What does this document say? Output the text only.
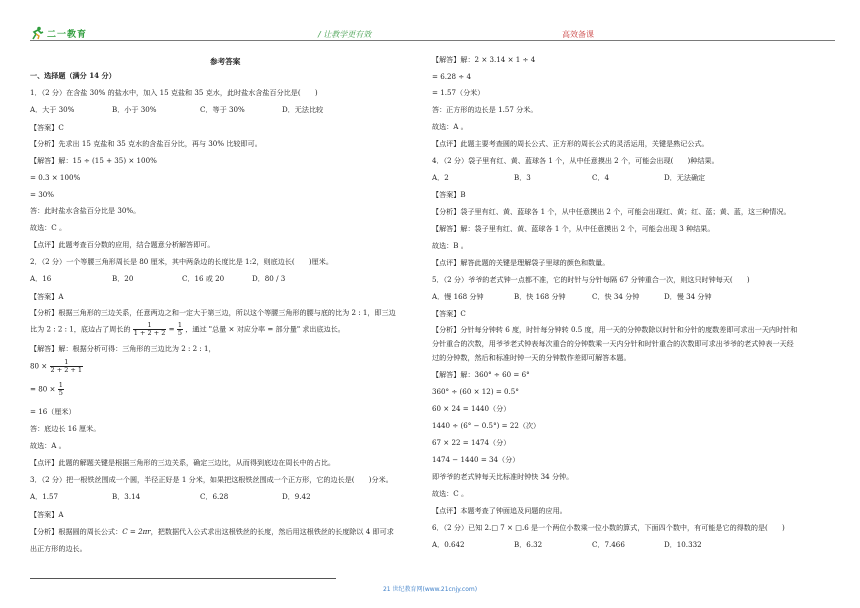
二一教育	/ 让教学更有效	高效备课

参考答案

一、选择题（满分 14 分）

1．（2 分）在含盐 30% 的盐水中，加入 15 克盐和 35 克水，此时盐水含盐百分比是(　　)

A．大于 30%	B．小于 30%	C．等于 30%	D．无法比较

【答案】C

【分析】先求出 15 克盐和 35 克水的含盐百分比，再与 30% 比较即可。

【解答】解：15 ÷ (15 + 35) × 100%

= 0.3 × 100%

= 30%

答：此时盐水含盐百分比是 30%。

故选：C 。

【点评】此题考查百分数的应用，结合题意分析解答即可。

2．（2 分）一个等腰三角形周长是 80 厘米，其中两条边的长度比是 1:2，则底边长(　　)厘米。

A．16	B．20	C．16 或 20	D．80 / 3

【答案】A

【分析】根据三角形的三边关系，任意两边之和一定大于第三边，所以这个等腰三角形的腰与底的比为 2 : 1，即三边

比为 2 : 2 : 1，底边占了周长的 $\frac{1}{1 + 2 + 2} = \frac{1}{5}$ ，通过 "总量 × 对应分率 = 部分量" 求出底边长。

【解答】解：根据分析可得：三角形的三边比为 2 : 2 : 1，

$80 \times \frac{1}{2 + 2 + 1}$

= $80 \times \frac{1}{5}$

= 16（厘米）

答：底边长 16 厘米。

故选：A 。

【点评】此题的解题关键是根据三角形的三边关系，确定三边比，从而得到底边在周长中的占比。

3．（2 分）把一根铁丝围成一个圆，半径正好是 1 分米，如果把这根铁丝围成一个正方形，它的边长是(　　)分米。

A．1.57	B．3.14	C．6.28	D．9.42

【答案】A

【分析】根据圆的周长公式：C = 2πr，把数据代入公式求出这根铁丝的长度，然后用这根铁丝的长度除以 4 即可求

出正方形的边长。

【解答】解：2 × 3.14 × 1 ÷ 4

= 6.28 ÷ 4

= 1.57（分米）

答：正方形的边长是 1.57 分米。

故选：A 。

【点评】此题主要考查圆的周长公式、正方形的周长公式的灵活运用，关键是熟记公式。

4．（2 分）袋子里有红、黄、蓝球各 1 个，从中任意摸出 2 个，可能会出现(　　)种结果。

A．2	B．3	C．4	D．无法确定

【答案】B

【分析】袋子里有红、黄、蓝球各 1 个，从中任意摸出 2 个，可能会出现红、黄；红、蓝；黄、蓝，这三种情况。

【解答】解：袋子里有红、黄、蓝球各 1 个，从中任意摸出 2 个，可能会出现 3 种结果。

故选：B 。

【点评】解答此题的关键是理解袋子里球的颜色和数量。

5．（2 分）爷爷的老式钟一点都不准，它的时针与分针每隔 67 分钟重合一次，则这只时钟每天(　　)

A．慢 168 分钟	B．快 168 分钟	C．快 34 分钟	D．慢 34 分钟

【答案】C

【分析】分针每分钟转 6 度，时针每分钟转 0.5 度，用一天的分钟数除以时针和分针的度数差即可求出一天内时针和

分针重合的次数，用爷爷老式钟表每次重合的分钟数乘一天内分针和时针重合的次数即可求出爷爷的老式钟表一天经

过的分钟数，然后和标准时钟一天的分钟数作差即可解答本题。

【解答】解：360° ÷ 60 = 6°

360° ÷ (60 × 12) = 0.5°

60 × 24 = 1440（分）

1440 ÷ (6° − 0.5°) = 22（次）

67 × 22 = 1474（分）

1474 − 1440 = 34（分）

即爷爷的老式钟每天比标准时钟快 34 分钟。

故选：C 。

【点评】本题考查了钟面追及问题的应用。

6．（2 分）已知 2.□ 7 × □.6 是一个两位小数乘一位小数的算式，下面四个数中，有可能是它的得数的是(　　)

A．0.642	B．6.32	C．7.466	D．10.332
21 世纪教育网(www.21cnjy.com)
